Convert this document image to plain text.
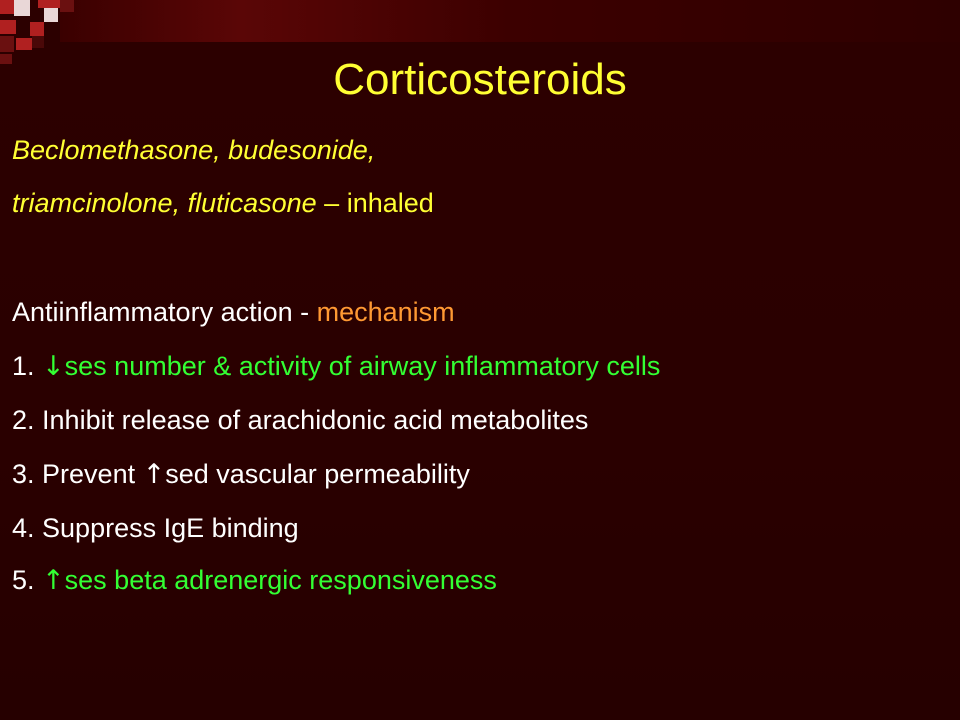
Corticosteroids
Beclomethasone, budesonide,
triamcinolone, fluticasone – inhaled
Antiinflammatory action - mechanism
1. ↓ses number & activity of airway inflammatory cells
2. Inhibit release of arachidonic acid metabolites
3. Prevent ↑sed vascular permeability
4. Suppress IgE binding
5. ↑ses beta adrenergic responsiveness
